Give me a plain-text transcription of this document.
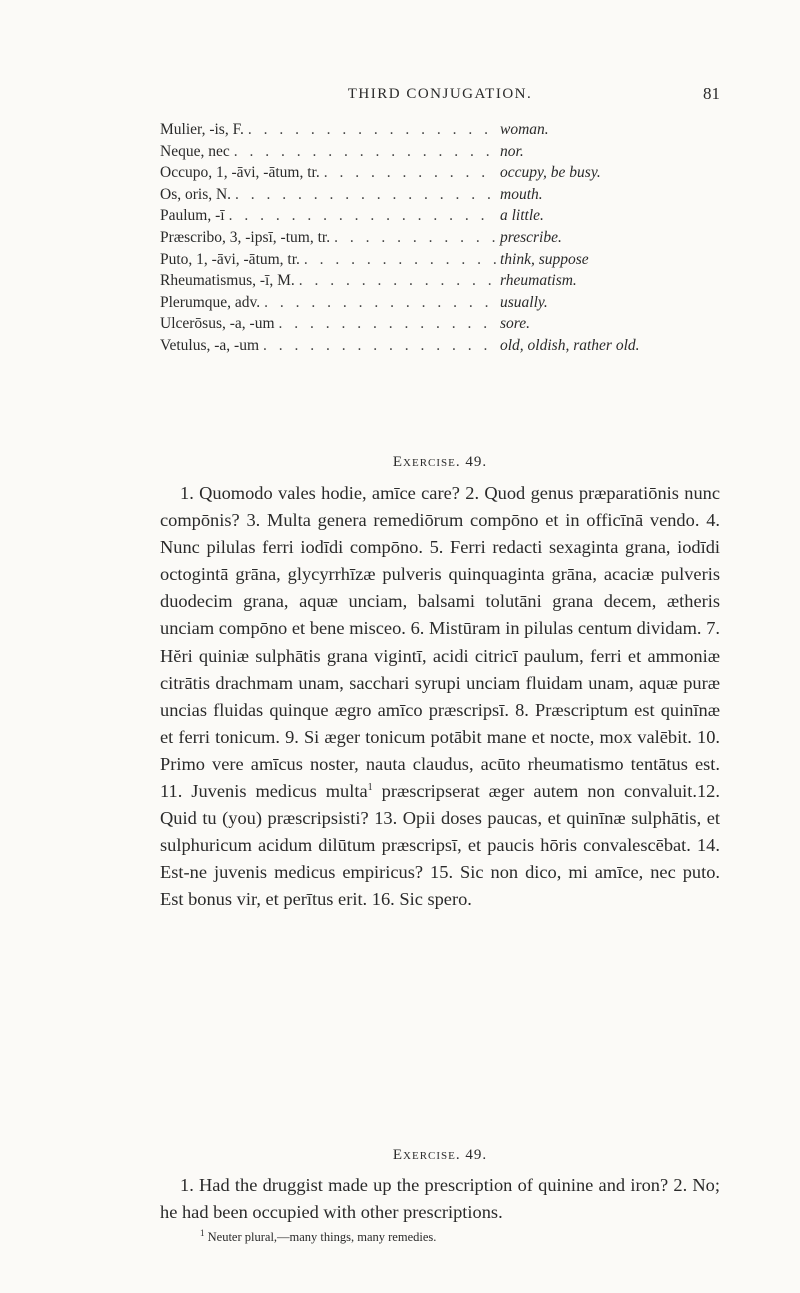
THIRD CONJUGATION.	81
Mulier, -is, F. . . .	woman.
Neque, nec . . .	nor.
Occupo, 1, -āvi, -ātum, tr. . . .	occupy, be busy.
Os, oris, N. . . .	mouth.
Paulum, -ī . . .	a little.
Præscribo, 3, -ipsī, -tum, tr. . . .	prescribe.
Puto, 1, -āvi, -ātum, tr. . . .	think, suppose
Rheumatismus, -ī, M. . . .	rheumatism.
Plerumque, adv. . . .	usually.
Ulcerōsus, -a, -um . . .	sore.
Vetulus, -a, -um . . .	old, oldish, rather old.
Exercise. 49.

1. Quomodo vales hodie, amīce care? 2. Quod genus præparatiōnis nunc compōnis? 3. Multa genera remediōrum compōno et in officīnā vendo. 4. Nunc pilulas ferri iodīdi compōno. 5. Ferri redacti sexaginta grana, iodīdi octogintā grāna, glycyrrhīzæ pulveris quinquaginta grāna, acaciæ pulveris duodecim grana, aquæ unciam, balsami tolutāni grana decem, ætheris unciam compōno et bene misceo. 6. Mistūram in pilulas centum dividam. 7. Hĕri quiniæ sulphātis grana vigintī, acidi citricī paulum, ferri et ammoniæ citrātis drachmam unam, sacchari syrupi unciam fluidam unam, aquæ puræ uncias fluidas quinque ægro amīco præscripsī. 8. Præscriptum est quinīnæ et ferri tonicum. 9. Si æger tonicum potābit mane et nocte, mox valēbit. 10. Primo vere amīcus noster, nauta claudus, acūto rheumatismo tentātus est.11. Juvenis medicus multa$^1$ præscripserat æger autem non convaluit.12. Quid tu (you) præscripsisti? 13. Opii doses paucas, et quinīnæ sulphātis, et sulphuricum acidum dilūtum præscripsī, et paucis hōris convalescēbat. 14. Est-ne juvenis medicus empiricus? 15. Sic non dico, mi amīce, nec puto.Est bonus vir, et perītus erit. 16. Sic spero.

Exercise. 49.

1. Had the druggist made up the prescription of quinine and iron? 2. No; he had been occupied with other prescriptions.

$^1$ Neuter plural,—many things, many remedies.
